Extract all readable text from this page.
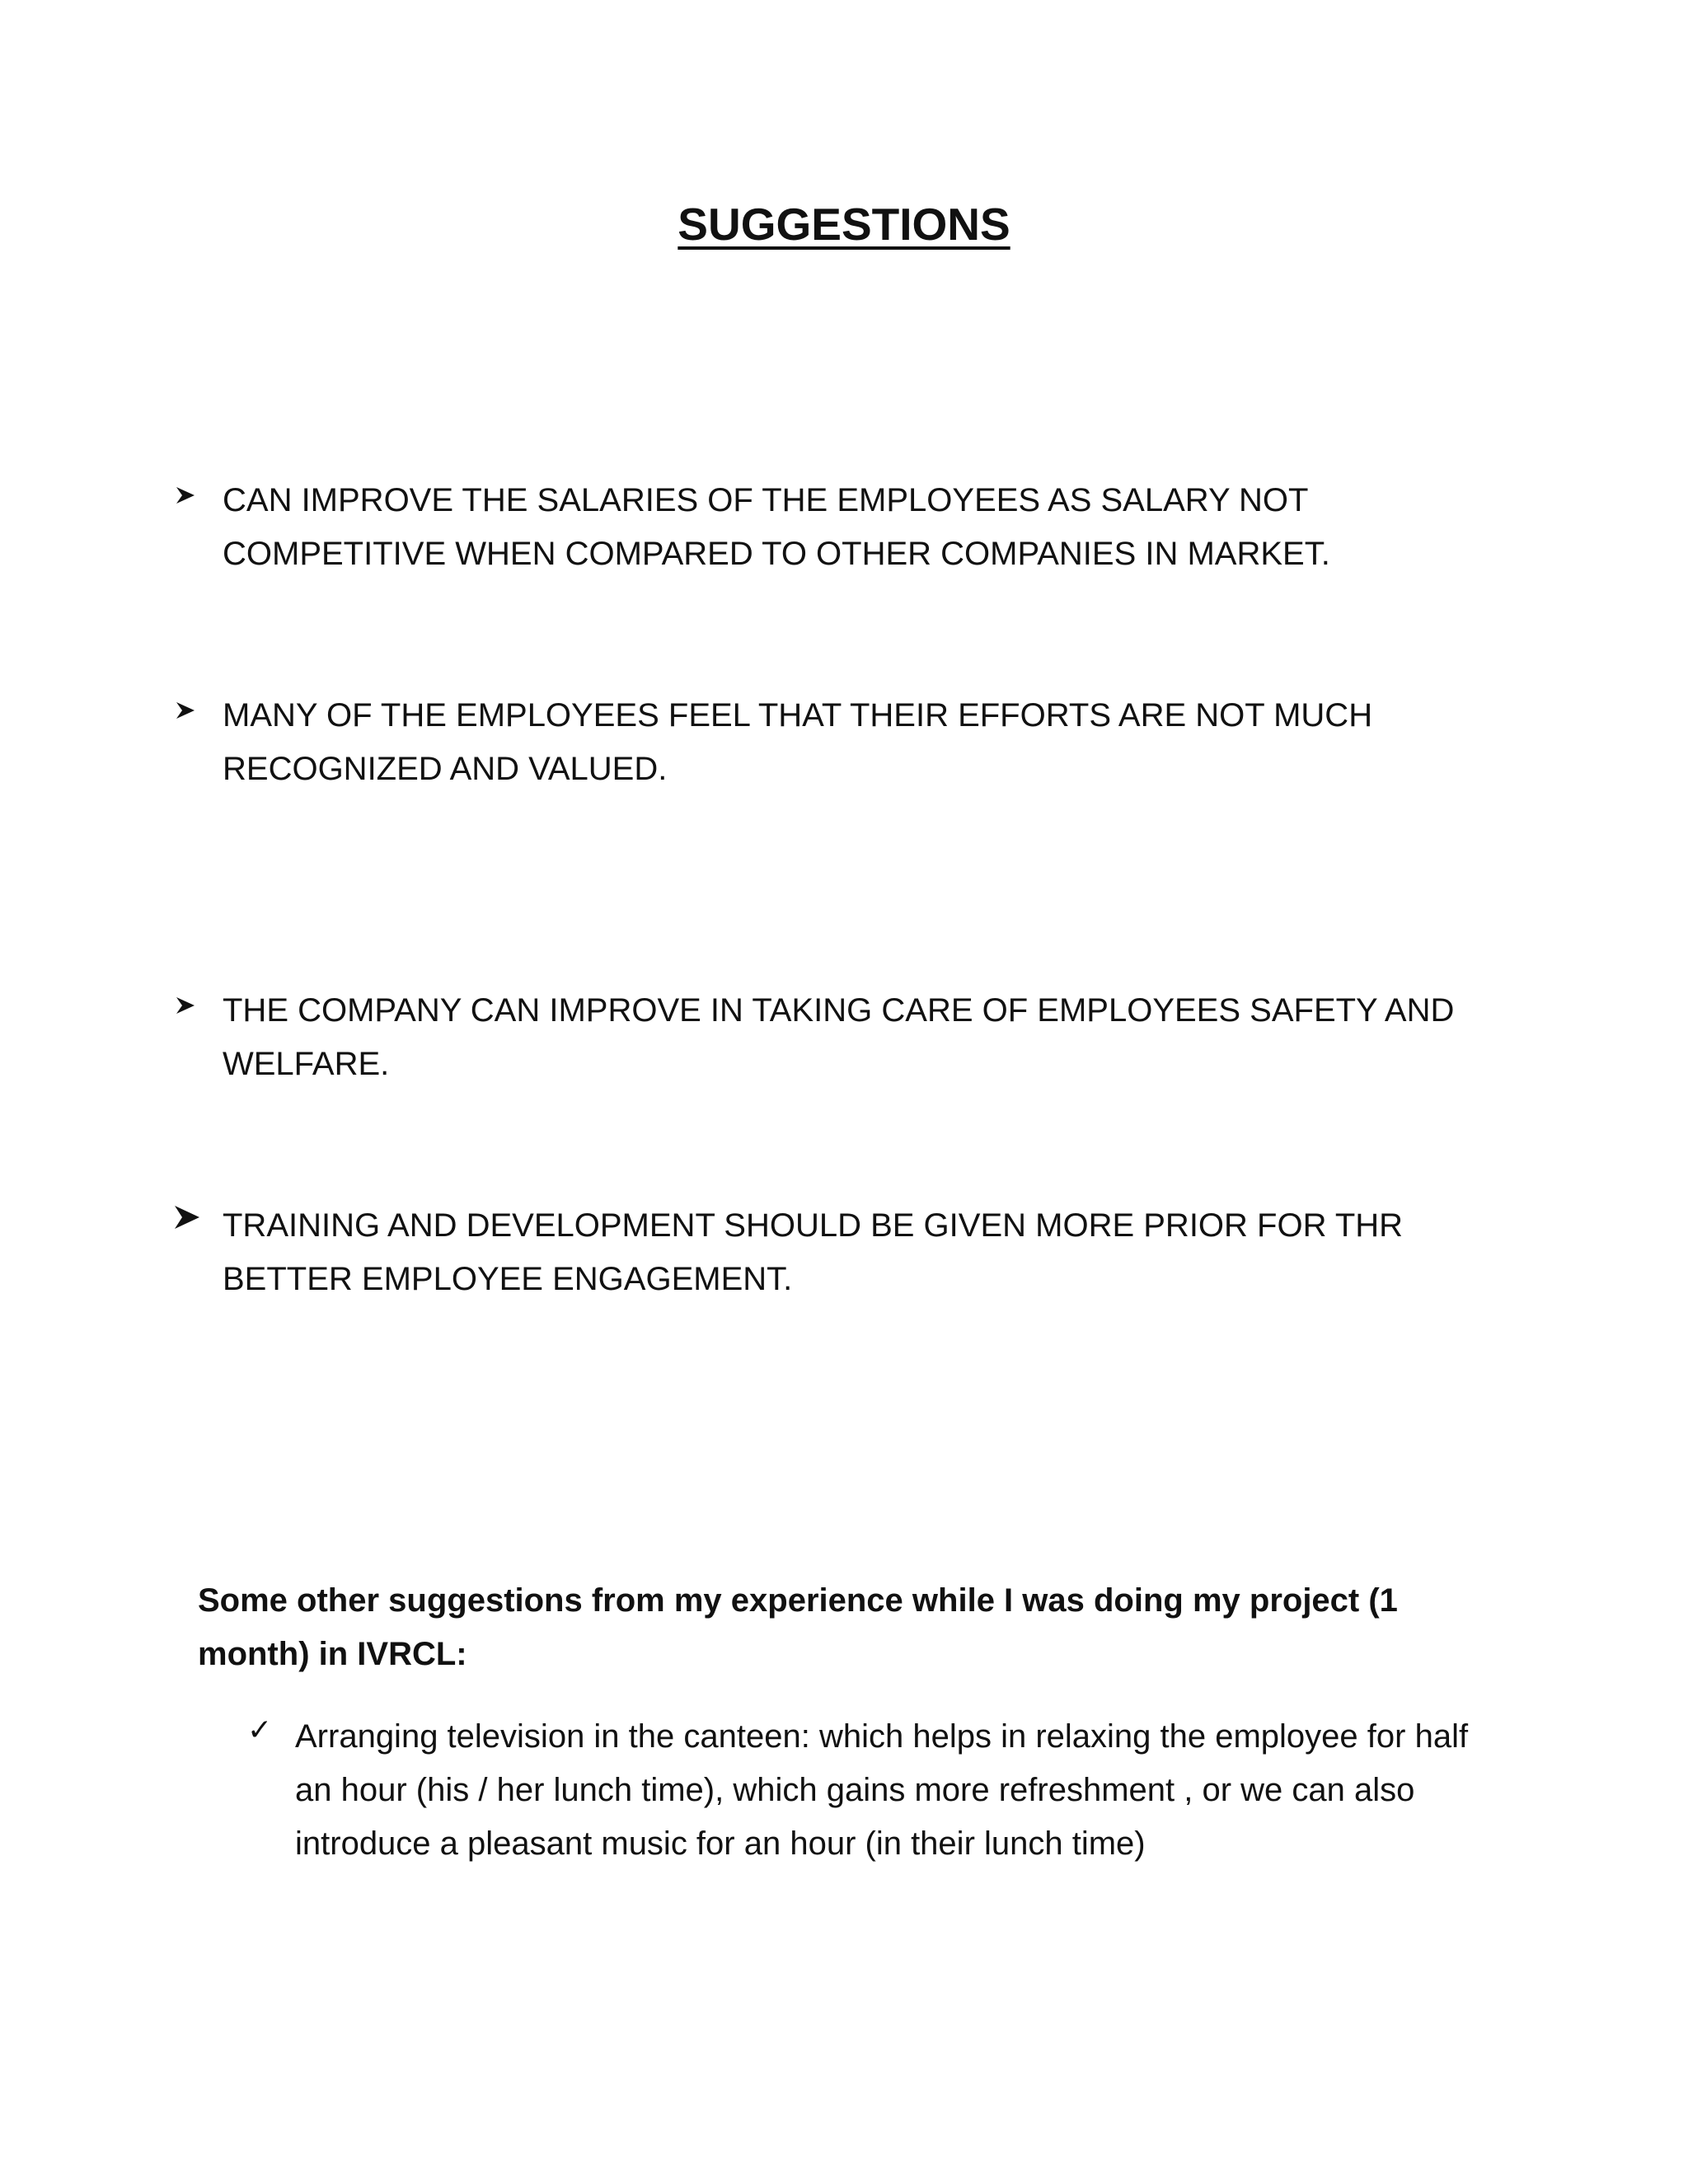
SUGGESTIONS
CAN IMPROVE THE SALARIES OF THE EMPLOYEES AS SALARY NOT COMPETITIVE WHEN COMPARED TO OTHER COMPANIES IN MARKET.
MANY OF THE EMPLOYEES FEEL THAT THEIR EFFORTS ARE NOT MUCH RECOGNIZED AND VALUED.
THE COMPANY CAN IMPROVE IN TAKING CARE OF EMPLOYEES SAFETY AND WELFARE.
TRAINING AND DEVELOPMENT SHOULD BE GIVEN MORE PRIOR FOR THR BETTER EMPLOYEE ENGAGEMENT.
Some other suggestions from my experience while I was doing my project (1 month) in IVRCL:
✓ Arranging television in the canteen: which helps in relaxing the employee for half an hour (his / her lunch time), which gains more refreshment , or we can also introduce a pleasant music for an hour (in their lunch time)
